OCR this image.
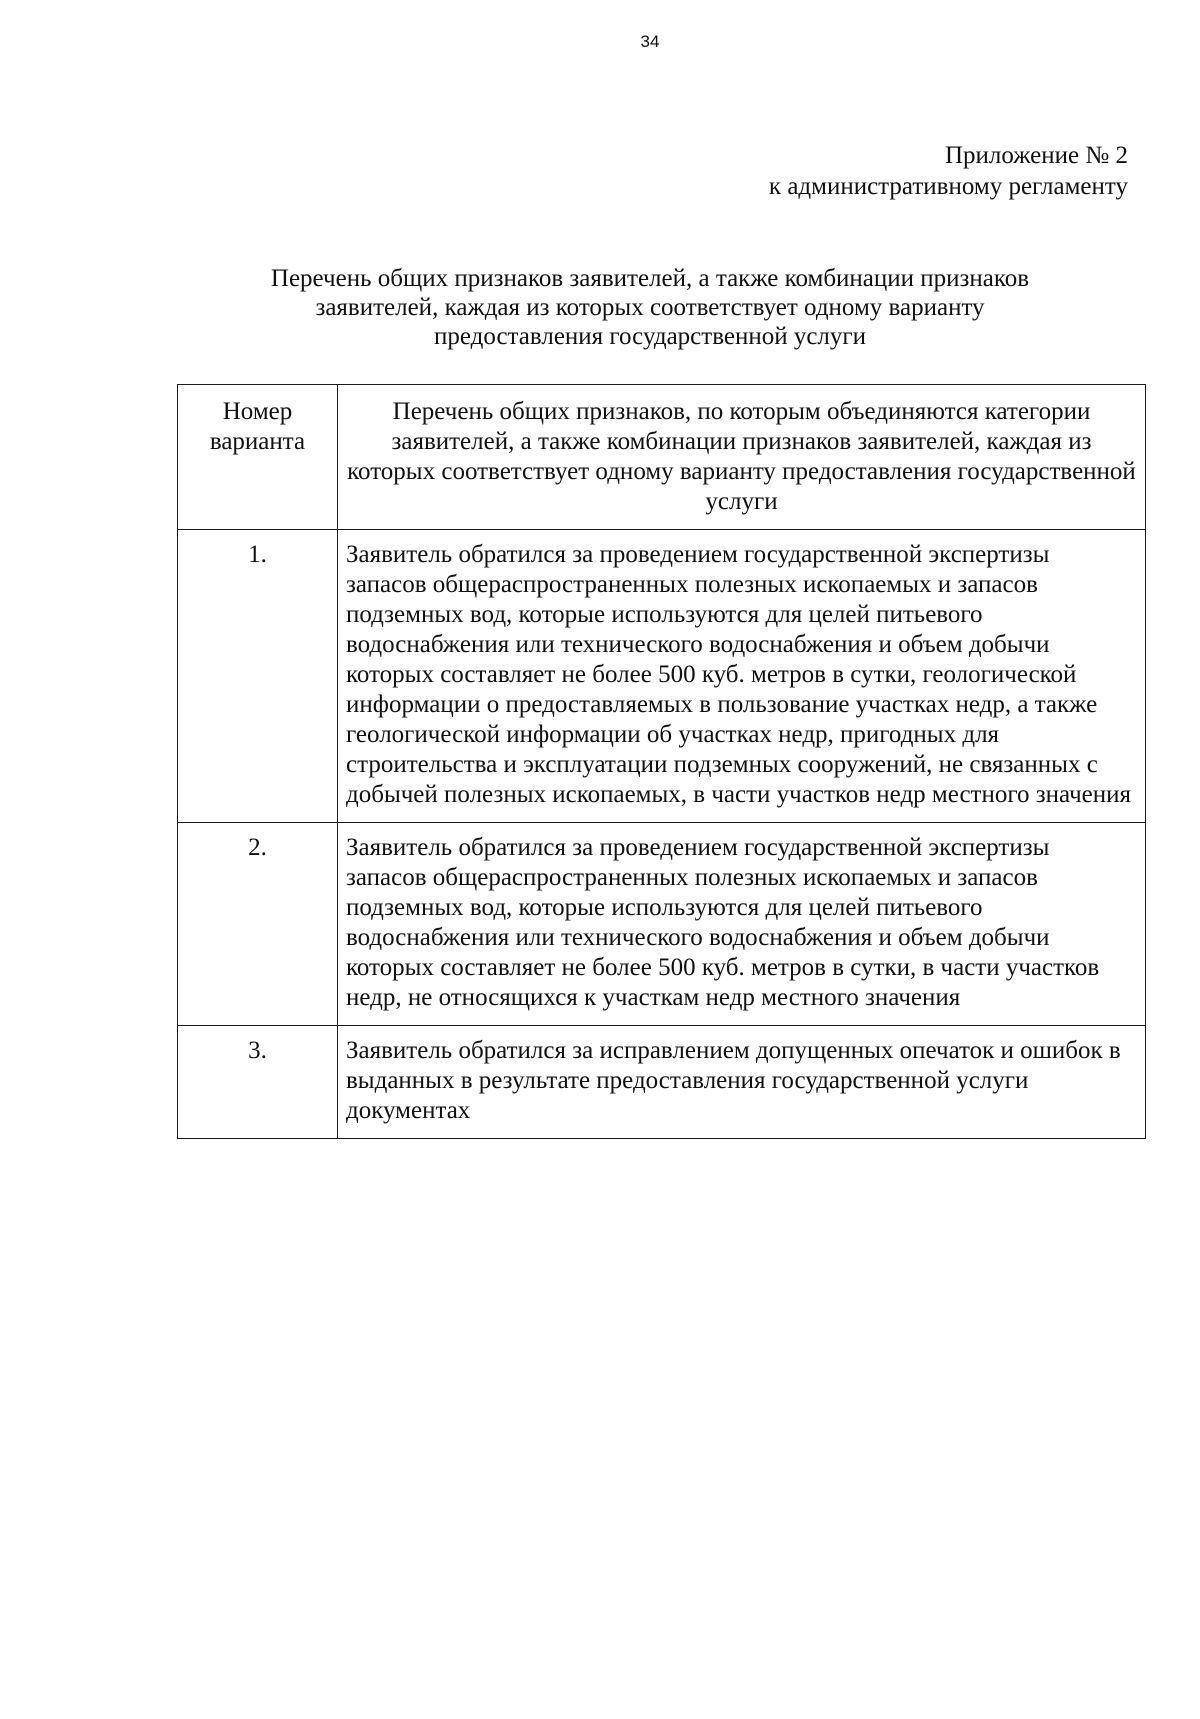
34
Приложение № 2
к административному регламенту
Перечень общих признаков заявителей, а также комбинации признаков
заявителей, каждая из которых соответствует одному варианту
предоставления государственной услуги
Номер варианта	Перечень общих признаков, по которым объединяются категории заявителей, а также комбинации признаков заявителей, каждая из которых соответствует одному варианту предоставления государственной услуги
1.	Заявитель обратился за проведением государственной экспертизы запасов общераспространенных полезных ископаемых и запасов подземных вод, которые используются для целей питьевого водоснабжения или технического водоснабжения и объем добычи которых составляет не более 500 куб. метров в сутки, геологической информации о предоставляемых в пользование участках недр, а также геологической информации об участках недр, пригодных для строительства и эксплуатации подземных сооружений, не связанных с добычей полезных ископаемых, в части участков недр местного значения
2.	Заявитель обратился за проведением государственной экспертизы запасов общераспространенных полезных ископаемых и запасов подземных вод, которые используются для целей питьевого водоснабжения или технического водоснабжения и объем добычи которых составляет не более 500 куб. метров в сутки, в части участков недр, не относящихся к участкам недр местного значения
3.	Заявитель обратился за исправлением допущенных опечаток и ошибок в выданных в результате предоставления государственной услуги документах
